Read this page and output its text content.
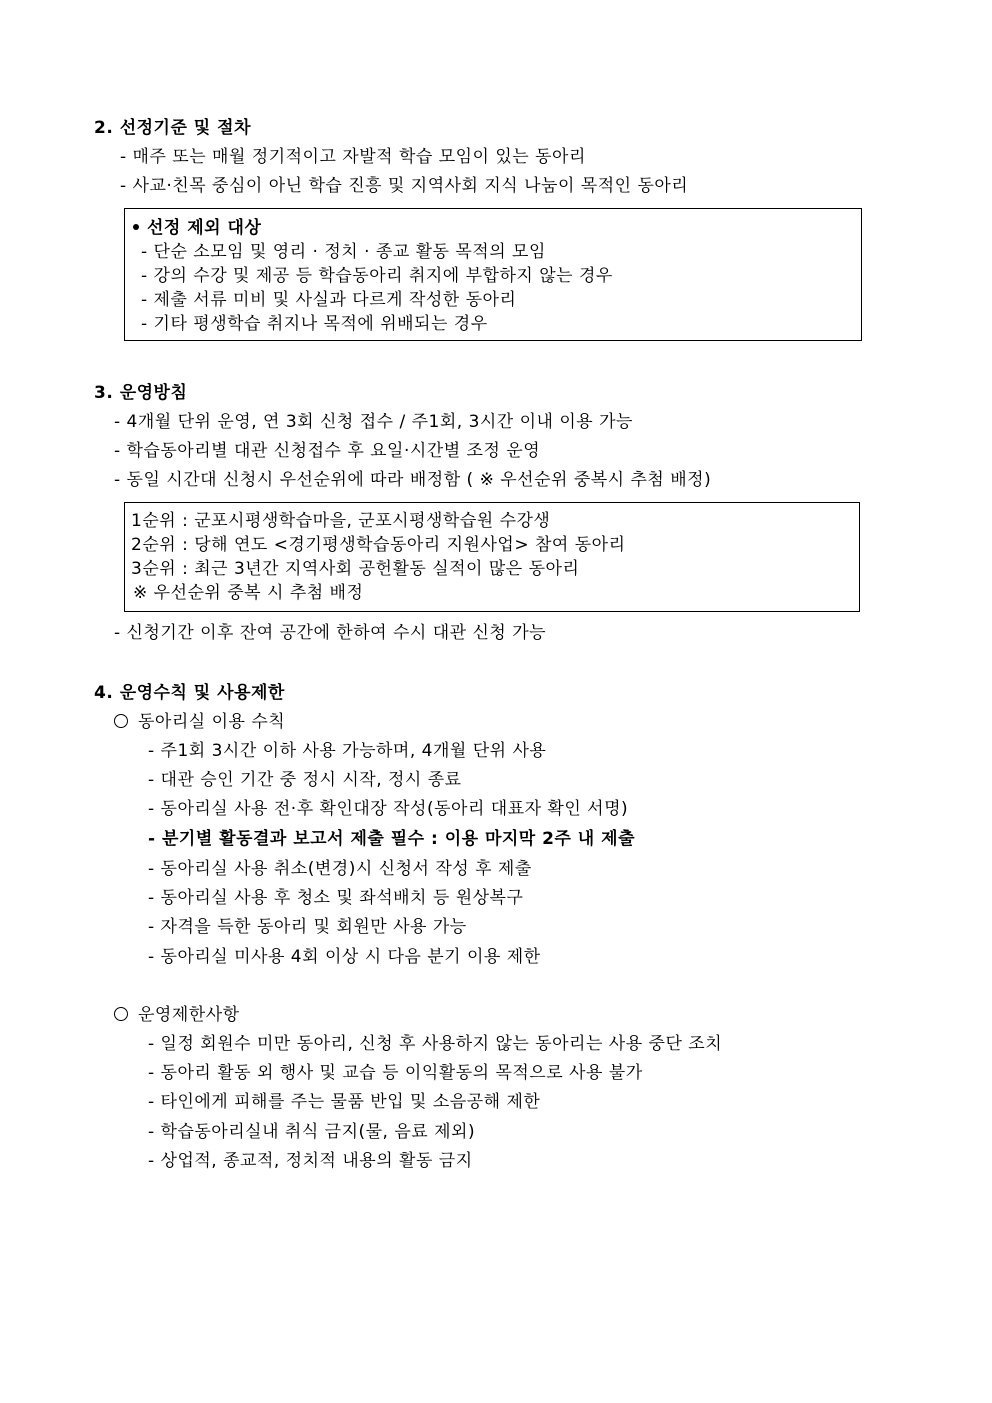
2. 선정기준 및 절차
- 매주 또는 매월 정기적이고 자발적 학습 모임이 있는 동아리
- 사교·친목 중심이 아닌 학습 진흥 및 지역사회 지식 나눔이 목적인 동아리
선정 제외 대상
- 단순 소모임 및 영리 · 정치 · 종교 활동 목적의 모임
- 강의 수강 및 제공 등 학습동아리 취지에 부합하지 않는 경우
- 제출 서류 미비 및 사실과 다르게 작성한 동아리
- 기타 평생학습 취지나 목적에 위배되는 경우
3. 운영방침
- 4개월 단위 운영, 연 3회 신청 접수 / 주1회, 3시간 이내 이용 가능
- 학습동아리별 대관 신청접수 후 요일·시간별 조정 운영
- 동일 시간대 신청시 우선순위에 따라 배정함 ( ※ 우선순위 중복시 추첨 배정)
1순위 : 군포시평생학습마을, 군포시평생학습원 수강생
2순위 : 당해 연도 <경기평생학습동아리 지원사업> 참여 동아리
3순위 : 최근 3년간 지역사회 공헌활동 실적이 많은 동아리
※ 우선순위 중복 시 추첨 배정
- 신청기간 이후 잔여 공간에 한하여 수시 대관 신청 가능
4. 운영수칙 및 사용제한
동아리실 이용 수칙
- 주1회 3시간 이하 사용 가능하며, 4개월 단위 사용
- 대관 승인 기간 중 정시 시작, 정시 종료
- 동아리실 사용 전·후 확인대장 작성(동아리 대표자 확인 서명)
- 분기별 활동결과 보고서 제출 필수 : 이용 마지막 2주 내 제출
- 동아리실 사용 취소(변경)시 신청서 작성 후 제출
- 동아리실 사용 후 청소 및 좌석배치 등 원상복구
- 자격을 득한 동아리 및 회원만 사용 가능
- 동아리실 미사용 4회 이상 시 다음 분기 이용 제한
운영제한사항
- 일정 회원수 미만 동아리, 신청 후 사용하지 않는 동아리는 사용 중단 조치
- 동아리 활동 외 행사 및 교습 등 이익활동의 목적으로 사용 불가
- 타인에게 피해를 주는 물품 반입 및 소음공해 제한
- 학습동아리실내 취식 금지(물, 음료 제외)
- 상업적, 종교적, 정치적 내용의 활동 금지
